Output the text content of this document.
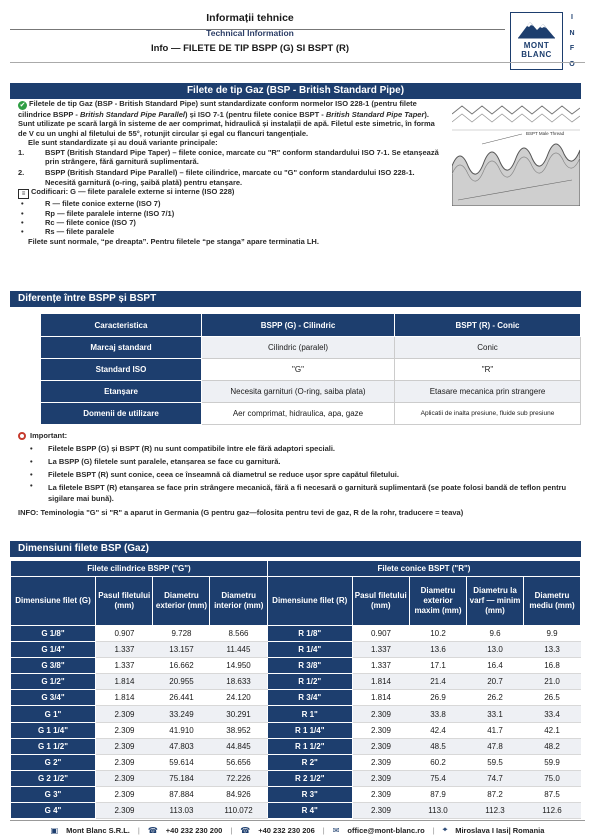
Informații tehnice
Technical Information
Info — FILETE DE TIP BSPP (G) SI BSPT (R)	MONT
BLANC
I
N
F
O
Filete de tip Gaz (BSP - British Standard Pipe)

✔ Filetele de tip Gaz (BSP - British Standard Pipe) sunt standardizate conform normelor ISO 228-1 (pentru filete cilindrice BSPP - British Standard Pipe Parallel) și ISO 7-1 (pentru filete conice BSPT - British Standard Pipe Taper). Sunt utilizate pe scară largă în sisteme de aer comprimat, hidraulică și instalații de apă. Filetul este simetric, în forma de V cu un unghi al filetului de 55°, rotunjit circular și egal cu flancuri tangențiale.

Ele sunt standardizate și au două variante principale:

1.	BSPT (British Standard Pipe Taper) – filete conice, marcate cu "R" conform standardului ISO 7-1. Se etanșează prin strângere, fără garnitură suplimentară.

2.	BSPP (British Standard Pipe Parallel) – filete cilindrice, marcate cu "G" conform standardului ISO 228-1. Necesită garnitură (o-ring, șaibă plată) pentru etanșare.

≡ Codificari: G — filete paralele externe si interne (ISO 228)

•	R — filete conice externe (ISO 7)

•	Rp — filete paralele interne (ISO 7/1)

•	Rc — filete conice (ISO 7)

•	Rs — filete paralele

Filete sunt normale, “pe dreapta”. Pentru filetele “pe stanga” apare terminatia LH.

BSPT Male Thread
Diferențe între BSPP și BSPT
Caracteristica	BSPP (G) - Cilindric	BSPT (R) - Conic
Marcaj standard	Cilindric (paralel)	Conic
Standard ISO	"G"	"R"
Etanșare	Necesita garnituri (O-ring, saiba plata)	Etasare mecanica prin strangere
Domenii de utilizare	Aer comprimat, hidraulica, apa, gaze	Aplicatii de inalta presiune, fluide sub presiune
Important:
• Filetele BSPP (G) și BSPT (R) nu sunt compatibile între ele fără adaptori speciali.
• La BSPP (G) filetele sunt paralele, etanșarea se face cu garnitură.
• Filetele BSPT (R) sunt conice, ceea ce înseamnă că diametrul se reduce ușor spre capătul filetului.
• La filetele BSPT (R) etanșarea se face prin strângere mecanică, fără a fi necesară o garnitură suplimentară (se poate folosi bandă de teflon pentru sigilare mai bună).
INFO: Teminologia "G" si "R" a aparut in Germania (G pentru gaz—folosita pentru tevi de gaz, R de la rohr, traducere = teava)
Dimensiuni filete BSP (Gaz)
Filete cilindrice BSPP ("G")				Filete conice BSPT ("R")				
Dimensiune filet (G)	Pasul filetului (mm)	Diametru exterior (mm)	Diametru interior (mm)	Dimensiune filet (R)	Pasul filetului (mm)	Diametru exterior maxim (mm)	Diametru la varf — minim (mm)	Diametru mediu (mm)
G 1/8"	0.907	9.728	8.566	R 1/8"	0.907	10.2	9.6	9.9
G 1/4"	1.337	13.157	11.445	R 1/4"	1.337	13.6	13.0	13.3
G 3/8"	1.337	16.662	14.950	R 3/8"	1.337	17.1	16.4	16.8
G 1/2"	1.814	20.955	18.633	R 1/2"	1.814	21.4	20.7	21.0
G 3/4"	1.814	26.441	24.120	R 3/4"	1.814	26.9	26.2	26.5
G 1"	2.309	33.249	30.291	R 1"	2.309	33.8	33.1	33.4
G 1 1/4"	2.309	41.910	38.952	R 1 1/4"	2.309	42.4	41.7	42.1
G 1 1/2"	2.309	47.803	44.845	R 1 1/2"	2.309	48.5	47.8	48.2
G 2"	2.309	59.614	56.656	R 2"	2.309	60.2	59.5	59.9
G 2 1/2"	2.309	75.184	72.226	R 2 1/2"	2.309	75.4	74.7	75.0
G 3"	2.309	87.884	84.926	R 3"	2.309	87.9	87.2	87.5
G 4"	2.309	113.03	110.072	R 4"	2.309	113.0	112.3	112.6
▣ Mont Blanc S.R.L. | ☎ +40 232 230 200 | ☎ +40 232 230 206 | ✉ office@mont-blanc.ro | ⌖ Miroslava I Iasi| Romania
